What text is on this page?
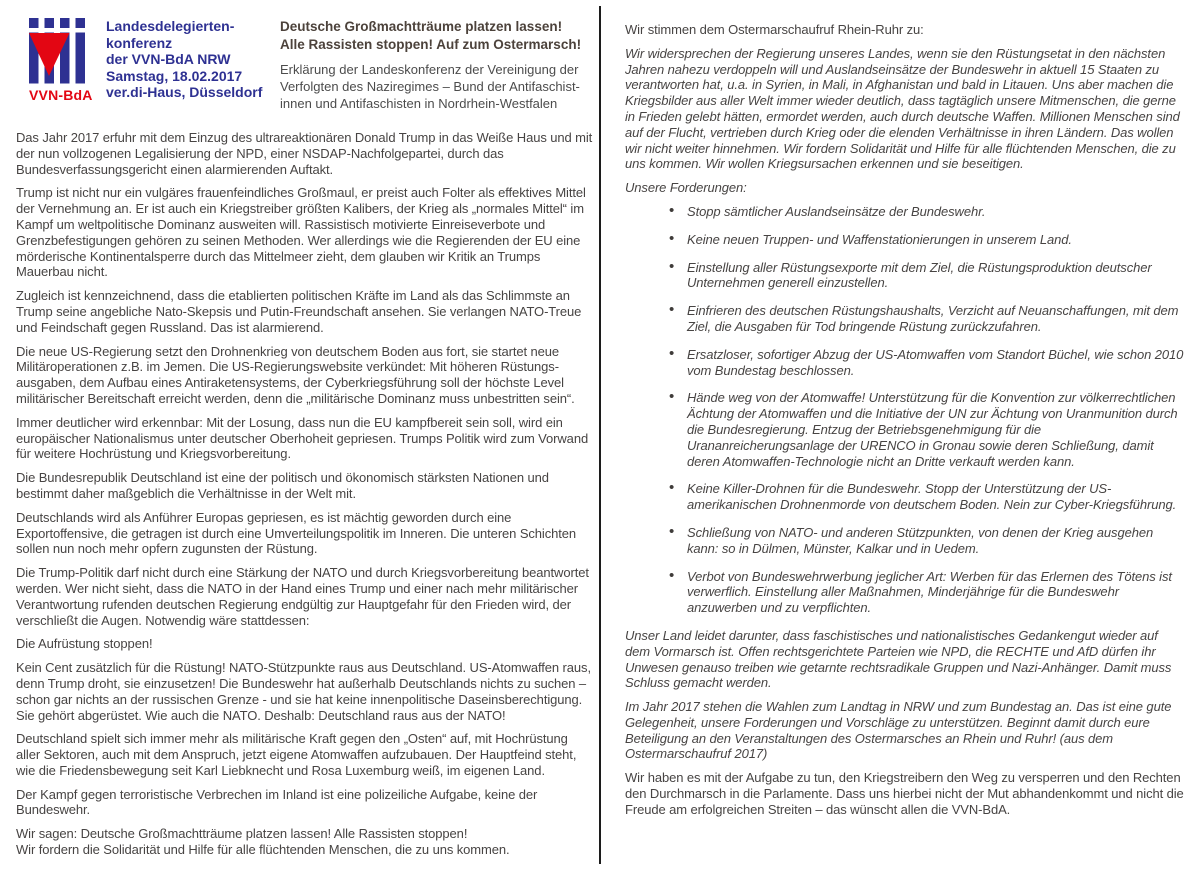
VVN-BdA
Landesdelegierten-
konferenz
der VVN-BdA NRW
Samstag, 18.02.2017
ver.di-Haus, Düsseldorf
Deutsche Großmachtträume platzen lassen!
Alle Rassisten stoppen! Auf zum Ostermarsch!
Erklärung der Landeskonferenz der Vereinigung der
Verfolgten des Naziregimes – Bund der Antifaschist-
innen und Antifaschisten in Nordrhein-Westfalen

Das Jahr 2017 erfuhr mit dem Einzug des ultrareaktionären Donald Trump in das Weiße Haus und mit der nun vollzogenen Legalisierung der NPD, einer NSDAP-Nachfolgepartei, durch das Bundesverfassungsgericht einen alarmierenden Auftakt.

Trump ist nicht nur ein vulgäres frauenfeindliches Großmaul, er preist auch Folter als effektives Mittel der Vernehmung an. Er ist auch ein Kriegstreiber größten Kalibers, der Krieg als „normales Mittel“ im Kampf um weltpolitische Dominanz ausweiten will. Rassistisch motivierte Einreiseverbote und Grenzbefestigungen gehören zu seinen Methoden. Wer allerdings wie die Regierenden der EU eine mörderische Kontinentalsperre durch das Mittelmeer zieht, dem glauben wir Kritik an Trumps Mauerbau nicht.

Zugleich ist kennzeichnend, dass die etablierten politischen Kräfte im Land als das Schlimmste an Trump seine angebliche Nato-Skepsis und Putin-Freundschaft ansehen. Sie verlangen NATO-Treue und Feindschaft gegen Russland. Das ist alarmierend.

Die neue US-Regierung setzt den Drohnenkrieg von deutschem Boden aus fort, sie startet neue Militäroperationen z.B. im Jemen. Die US-Regierungswebsite verkündet: Mit höheren Rüstungs-ausgaben, dem Aufbau eines Antiraketensystems, der Cyberkriegsführung soll der höchste Level militärischer Bereitschaft erreicht werden, denn die „militärische Dominanz muss unbestritten sein“.

Immer deutlicher wird erkennbar: Mit der Losung, dass nun die EU kampfbereit sein soll, wird ein europäischer Nationalismus unter deutscher Oberhoheit gepriesen. Trumps Politik wird zum Vorwand für weitere Hochrüstung und Kriegsvorbereitung.

Die Bundesrepublik Deutschland ist eine der politisch und ökonomisch stärksten Nationen und bestimmt daher maßgeblich die Verhältnisse in der Welt mit.

Deutschlands wird als Anführer Europas gepriesen, es ist mächtig geworden durch eine Exportoffensive, die getragen ist durch eine Umverteilungspolitik im Inneren. Die unteren Schichten sollen nun noch mehr opfern zugunsten der Rüstung.

Die Trump-Politik darf nicht durch eine Stärkung der NATO und durch Kriegsvorbereitung beantwortet werden. Wer nicht sieht, dass die NATO in der Hand eines Trump und einer nach mehr militärischer Verantwortung rufenden deutschen Regierung endgültig zur Hauptgefahr für den Frieden wird, der verschließt die Augen. Notwendig wäre stattdessen:

Die Aufrüstung stoppen!

Kein Cent zusätzlich für die Rüstung! NATO-Stützpunkte raus aus Deutschland. US-Atomwaffen raus, denn Trump droht, sie einzusetzen! Die Bundeswehr hat außerhalb Deutschlands nichts zu suchen – schon gar nichts an der russischen Grenze - und sie hat keine innenpolitische Daseinsberechtigung. Sie gehört abgerüstet. Wie auch die NATO. Deshalb: Deutschland raus aus der NATO!

Deutschland spielt sich immer mehr als militärische Kraft gegen den „Osten“ auf, mit Hochrüstung aller Sektoren, auch mit dem Anspruch, jetzt eigene Atomwaffen aufzubauen. Der Hauptfeind steht, wie die Friedensbewegung seit Karl Liebknecht und Rosa Luxemburg weiß, im eigenen Land.

Der Kampf gegen terroristische Verbrechen im Inland ist eine polizeiliche Aufgabe, keine der Bundeswehr.

Wir sagen: Deutsche Großmachtträume platzen lassen! Alle Rassisten stoppen!

Wir fordern die Solidarität und Hilfe für alle flüchtenden Menschen, die zu uns kommen.

Wir stimmen dem Ostermarschaufruf Rhein-Ruhr zu:

Wir widersprechen der Regierung unseres Landes, wenn sie den Rüstungsetat in den nächsten Jahren nahezu verdoppeln will und Auslandseinsätze der Bundeswehr in aktuell 15 Staaten zu verantworten hat, u.a. in Syrien, in Mali, in Afghanistan und bald in Litauen. Uns aber machen die Kriegsbilder aus aller Welt immer wieder deutlich, dass tagtäglich unsere Mitmenschen, die gerne in Frieden gelebt hätten, ermordet werden, auch durch deutsche Waffen. Millionen Menschen sind auf der Flucht, vertrieben durch Krieg oder die elenden Verhältnisse in ihren Ländern. Das wollen wir nicht weiter hinnehmen. Wir fordern Solidarität und Hilfe für alle flüchtenden Menschen, die zu uns kommen. Wir wollen Kriegsursachen erkennen und sie beseitigen.

Unsere Forderungen:

• Stopp sämtlicher Auslandseinsätze der Bundeswehr.
• Keine neuen Truppen- und Waffenstationierungen in unserem Land.
• Einstellung aller Rüstungsexporte mit dem Ziel, die Rüstungsproduktion deutscher Unternehmen generell einzustellen.
• Einfrieren des deutschen Rüstungshaushalts, Verzicht auf Neuanschaffungen, mit dem Ziel, die Ausgaben für Tod bringende Rüstung zurückzufahren.
• Ersatzloser, sofortiger Abzug der US-Atomwaffen vom Standort Büchel, wie schon 2010 vom Bundestag beschlossen.
• Hände weg von der Atomwaffe! Unterstützung für die Konvention zur völkerrechtlichen Ächtung der Atomwaffen und die Initiative der UN zur Ächtung von Uranmunition durch die Bundesregierung. Entzug der Betriebsgenehmigung für die Urananreicherungsanlage der URENCO in Gronau sowie deren Schließung, damit deren Atomwaffen-Technologie nicht an Dritte verkauft werden kann.
• Keine Killer-Drohnen für die Bundeswehr. Stopp der Unterstützung der US-amerikanischen Drohnenmorde von deutschem Boden. Nein zur Cyber-Kriegsführung.
• Schließung von NATO- und anderen Stützpunkten, von denen der Krieg ausgehen kann: so in Dülmen, Münster, Kalkar und in Uedem.
• Verbot von Bundeswehrwerbung jeglicher Art: Werben für das Erlernen des Tötens ist verwerflich. Einstellung aller Maßnahmen, Minderjährige für die Bundeswehr anzuwerben und zu verpflichten.

Unser Land leidet darunter, dass faschistisches und nationalistisches Gedankengut wieder auf dem Vormarsch ist. Offen rechtsgerichtete Parteien wie NPD, die RECHTE und AfD dürfen ihr Unwesen genauso treiben wie getarnte rechtsradikale Gruppen und Nazi-Anhänger. Damit muss Schluss gemacht werden.

Im Jahr 2017 stehen die Wahlen zum Landtag in NRW und zum Bundestag an. Das ist eine gute Gelegenheit, unsere Forderungen und Vorschläge zu unterstützen. Beginnt damit durch eure Beteiligung an den Veranstaltungen des Ostermarsches an Rhein und Ruhr! (aus dem Ostermarschaufruf 2017)

Wir haben es mit der Aufgabe zu tun, den Kriegstreibern den Weg zu versperren und den Rechten den Durchmarsch in die Parlamente. Dass uns hierbei nicht der Mut abhandenkommt und nicht die Freude am erfolgreichen Streiten – das wünscht allen die VVN-BdA.
